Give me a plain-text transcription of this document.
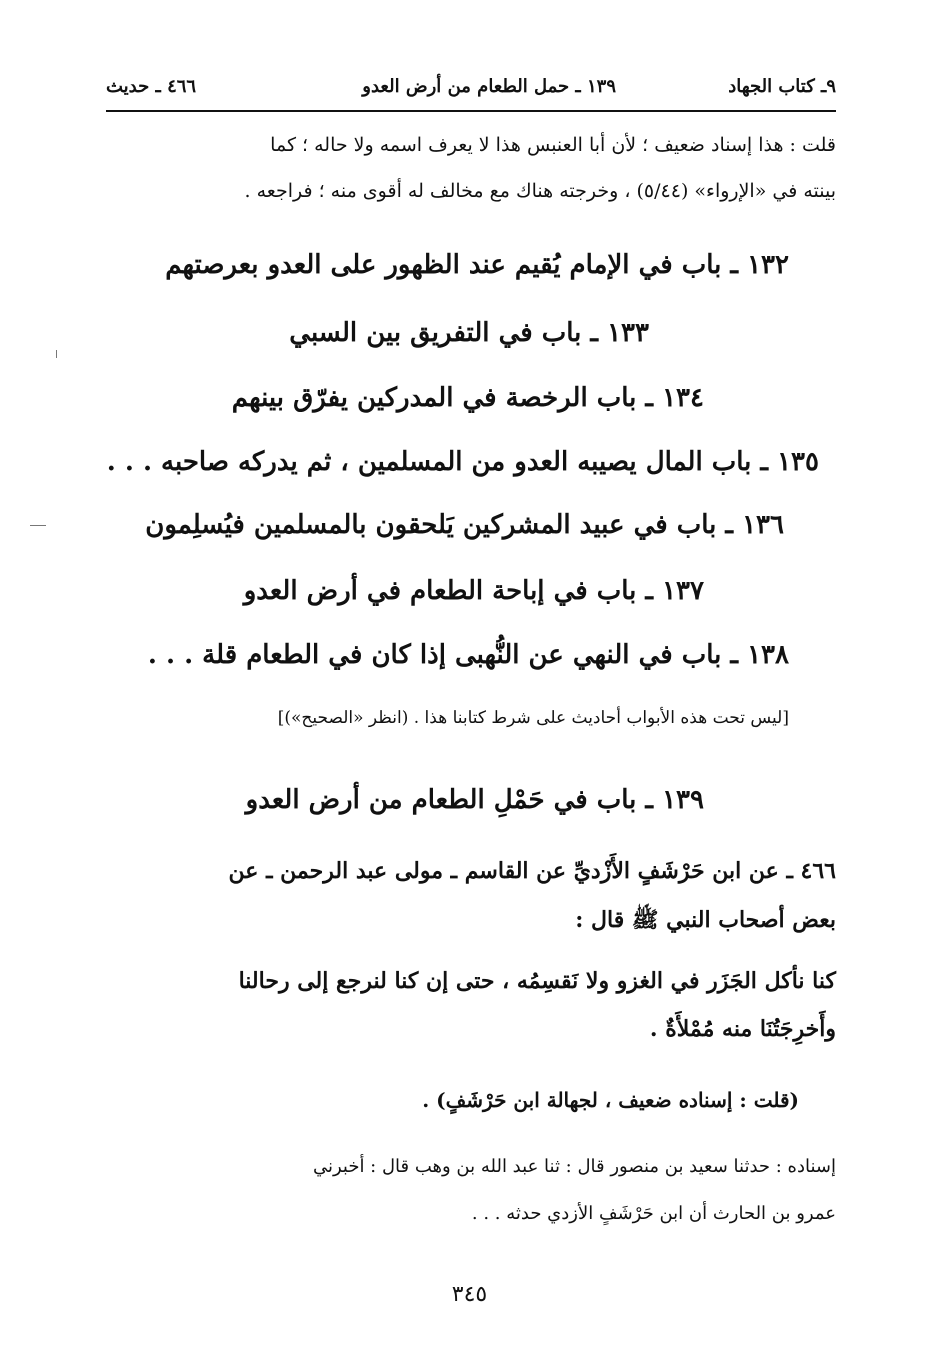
٩ـ كتاب الجهاد
١٣٩ ـ حمل الطعام من أرض العدو
٤٦٦ ـ حديث
قلت : هذا إسناد ضعيف ؛ لأن أبا العنبس هذا لا يعرف اسمه ولا حاله ؛ كما
بينته في «الإرواء» (٥/٤٤) ، وخرجته هناك مع مخالف له أقوى منه ؛ فراجعه .
١٣٢ ـ باب في الإمام يُقيم عند الظهور على العدو بعرصتهم
١٣٣ ـ باب في التفريق بين السبي
١٣٤ ـ باب الرخصة في المدركين يفرّق بينهم
١٣٥ ـ باب المال يصيبه العدو من المسلمين ، ثم يدركه صاحبه . . .
١٣٦ ـ باب في عبيد المشركين يَلحقون بالمسلمين فيُسلِمون
١٣٧ ـ باب في إباحة الطعام في أرض العدو
١٣٨ ـ باب في النهي عن النُّهبى إذا كان في الطعام قلة . . .
[ليس تحت هذه الأبواب أحاديث على شرط كتابنا هذا . (انظر «الصحيح»)]
١٣٩ ـ باب في حَمْلِ الطعام من أرض العدو
٤٦٦ ـ عن ابن حَرْشَفٍ الأَزْديِّ عن القاسم ـ مولى عبد الرحمن ـ عن
بعض أصحاب النبي ﷺ قال :
كنا نأكل الجَزَر في الغزو ولا نَقسِمُه ، حتى إن كنا لنرجع إلى رحالنا
وأَخرِجَتُنَا منه مُمْلأَةٌ .
(قلت : إسناده ضعيف ، لجهالة ابن حَرْشَفٍ) .
إسناده : حدثنا سعيد بن منصور قال : ثنا عبد الله بن وهب قال : أخبرني
عمرو بن الحارث أن ابن حَرْشَفٍ الأزدي حدثه . . .
٣٤٥
